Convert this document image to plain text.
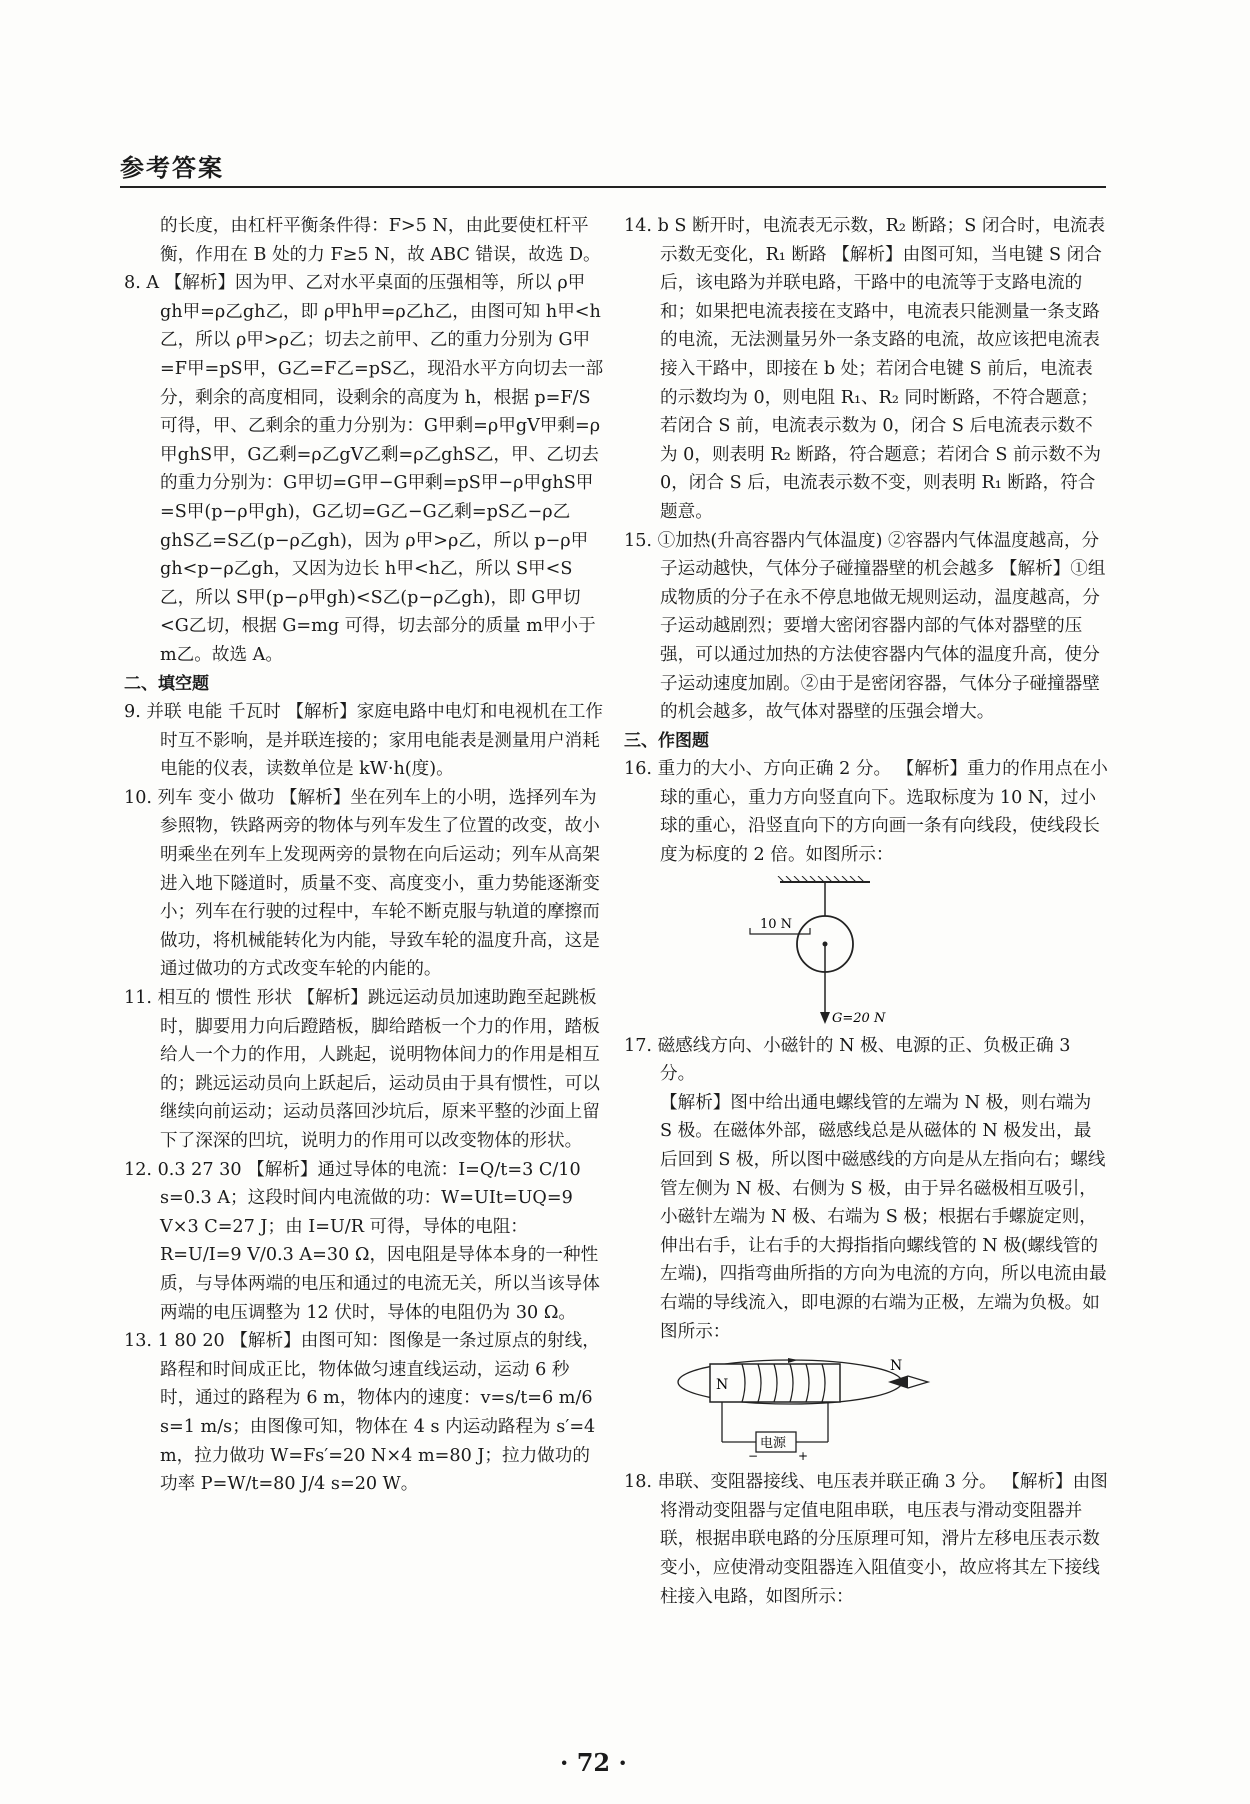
参考答案

的长度，由杠杆平衡条件得：F>5 N，由此要使杠杆平衡，作用在 B 处的力 F≥5 N，故 ABC 错误，故选 D。

8. A 【解析】因为甲、乙对水平桌面的压强相等，所以 ρ甲gh甲=ρ乙gh乙，即 ρ甲h甲=ρ乙h乙，由图可知 h甲<h乙，所以 ρ甲>ρ乙；切去之前甲、乙的重力分别为 G甲=F甲=pS甲，G乙=F乙=pS乙，现沿水平方向切去一部分，剩余的高度相同，设剩余的高度为 h，根据 p=F/S 可得，甲、乙剩余的重力分别为：G甲剩=ρ甲gV甲剩=ρ甲ghS甲，G乙剩=ρ乙gV乙剩=ρ乙ghS乙，甲、乙切去的重力分别为：G甲切=G甲−G甲剩=pS甲−ρ甲ghS甲=S甲(p−ρ甲gh)，G乙切=G乙−G乙剩=pS乙−ρ乙ghS乙=S乙(p−ρ乙gh)，因为 ρ甲>ρ乙，所以 p−ρ甲gh<p−ρ乙gh，又因为边长 h甲<h乙，所以 S甲<S乙，所以 S甲(p−ρ甲gh)<S乙(p−ρ乙gh)，即 G甲切<G乙切，根据 G=mg 可得，切去部分的质量 m甲小于 m乙。故选 A。

二、填空题

9. 并联 电能 千瓦时 【解析】家庭电路中电灯和电视机在工作时互不影响，是并联连接的；家用电能表是测量用户消耗电能的仪表，读数单位是 kW·h(度)。

10. 列车 变小 做功 【解析】坐在列车上的小明，选择列车为参照物，铁路两旁的物体与列车发生了位置的改变，故小明乘坐在列车上发现两旁的景物在向后运动；列车从高架进入地下隧道时，质量不变、高度变小，重力势能逐渐变小；列车在行驶的过程中，车轮不断克服与轨道的摩擦而做功，将机械能转化为内能，导致车轮的温度升高，这是通过做功的方式改变车轮的内能的。

11. 相互的 惯性 形状 【解析】跳远运动员加速助跑至起跳板时，脚要用力向后蹬踏板，脚给踏板一个力的作用，踏板给人一个力的作用，人跳起，说明物体间力的作用是相互的；跳远运动员向上跃起后，运动员由于具有惯性，可以继续向前运动；运动员落回沙坑后，原来平整的沙面上留下了深深的凹坑，说明力的作用可以改变物体的形状。

12. 0.3 27 30 【解析】通过导体的电流：I=Q/t=3 C/10 s=0.3 A；这段时间内电流做的功：W=UIt=UQ=9 V×3 C=27 J；由 I=U/R 可得，导体的电阻：R=U/I=9 V/0.3 A=30 Ω，因电阻是导体本身的一种性质，与导体两端的电压和通过的电流无关，所以当该导体两端的电压调整为 12 伏时，导体的电阻仍为 30 Ω。

13. 1 80 20 【解析】由图可知：图像是一条过原点的射线，路程和时间成正比，物体做匀速直线运动，运动 6 秒时，通过的路程为 6 m，物体内的速度：v=s/t=6 m/6 s=1 m/s；由图像可知，物体在 4 s 内运动路程为 s′=4 m，拉力做功 W=Fs′=20 N×4 m=80 J；拉力做功的功率 P=W/t=80 J/4 s=20 W。

14. b S 断开时，电流表无示数，R₂ 断路；S 闭合时，电流表示数无变化，R₁ 断路 【解析】由图可知，当电键 S 闭合后，该电路为并联电路，干路中的电流等于支路电流的和；如果把电流表接在支路中，电流表只能测量一条支路的电流，无法测量另外一条支路的电流，故应该把电流表接入干路中，即接在 b 处；若闭合电键 S 前后，电流表的示数均为 0，则电阻 R₁、R₂ 同时断路，不符合题意；若闭合 S 前，电流表示数为 0，闭合 S 后电流表示数不为 0，则表明 R₂ 断路，符合题意；若闭合 S 前示数不为 0，闭合 S 后，电流表示数不变，则表明 R₁ 断路，符合题意。

15. ①加热(升高容器内气体温度) ②容器内气体温度越高，分子运动越快，气体分子碰撞器壁的机会越多 【解析】①组成物质的分子在永不停息地做无规则运动，温度越高，分子运动越剧烈；要增大密闭容器内部的气体对器壁的压强，可以通过加热的方法使容器内气体的温度升高，使分子运动速度加剧。②由于是密闭容器，气体分子碰撞器壁的机会越多，故气体对器壁的压强会增大。

三、作图题

16. 重力的大小、方向正确 2 分。 【解析】重力的作用点在小球的重心，重力方向竖直向下。选取标度为 10 N，过小球的重心，沿竖直向下的方向画一条有向线段，使线段长度为标度的 2 倍。如图所示：

10 N
G=20 N

17. 磁感线方向、小磁针的 N 极、电源的正、负极正确 3 分。

【解析】图中给出通电螺线管的左端为 N 极，则右端为 S 极。在磁体外部，磁感线总是从磁体的 N 极发出，最后回到 S 极，所以图中磁感线的方向是从左指向右；螺线管左侧为 N 极、右侧为 S 极，由于异名磁极相互吸引，小磁针左端为 N 极、右端为 S 极；根据右手螺旋定则，伸出右手，让右手的大拇指指向螺线管的 N 极(螺线管的左端)，四指弯曲所指的方向为电流的方向，所以电流由最右端的导线流入，即电源的右端为正极，左端为负极。如图所示：

N
电源
−	+
N

18. 串联、变阻器接线、电压表并联正确 3 分。 【解析】由图将滑动变阻器与定值电阻串联，电压表与滑动变阻器并联，根据串联电路的分压原理可知，滑片左移电压表示数变小，应使滑动变阻器连入阻值变小，故应将其左下接线柱接入电路，如图所示：

· 72 ·
